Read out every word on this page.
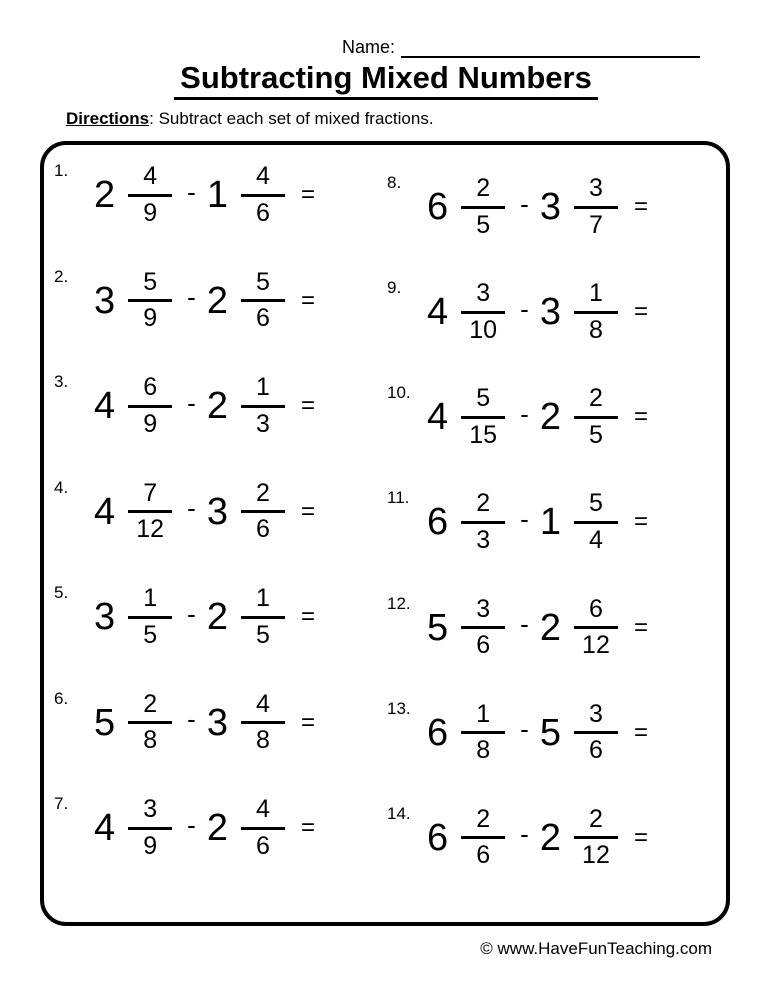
Name:
Subtracting Mixed Numbers
Directions: Subtract each set of mixed fractions.
1.
$2 \frac{4}{9} - 1 \frac{4}{6}$ =
2.
$3 \frac{5}{9} - 2 \frac{5}{6}$ =
3.
$4 \frac{6}{9} - 2 \frac{1}{3}$ =
4.
$4 \frac{7}{12} - 3 \frac{2}{6}$ =
5.
$3 \frac{1}{5} - 2 \frac{1}{5}$ =
6.
$5 \frac{2}{8} - 3 \frac{4}{8}$ =
7.
$4 \frac{3}{9} - 2 \frac{4}{6}$ =
8.
$6 \frac{2}{5} - 3 \frac{3}{7}$ =
9.
$4 \frac{3}{10} - 3 \frac{1}{8}$ =
10.
$4 \frac{5}{15} - 2 \frac{2}{5}$ =
11.
$6 \frac{2}{3} - 1 \frac{5}{4}$ =
12.
$5 \frac{3}{6} - 2 \frac{6}{12}$ =
13.
$6 \frac{1}{8} - 5 \frac{3}{6}$ =
14.
$6 \frac{2}{6} - 2 \frac{2}{12}$ =
© www.HaveFunTeaching.com
